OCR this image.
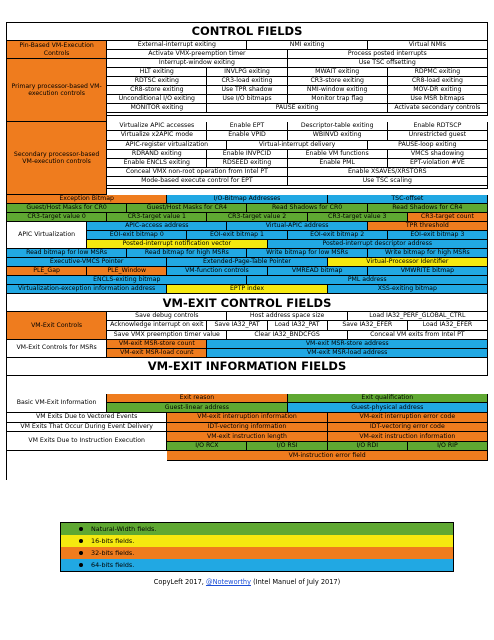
CONTROL FIELDS
Pin-Based VM-Execution Controls
External-interrupt exiting	NMI exiting	Virtual NMIs
Activate VMX-preemption timer	Process posted interrupts
Primary processor-based VM-execution controls
Interrupt-window exiting	Use TSC offsetting
HLT exiting	INVLPG exiting	MWAIT exiting	RDPMC exiting
RDTSC exiting	CR3-load exiting	CR3-store exiting	CR8-load exiting
CR8-store exiting	Use TPR shadow	NMI-window exiting	MOV-DR exiting
Unconditional I/O exiting	Use I/O bitmaps	Monitor trap flag	Use MSR bitmaps
MONITOR exiting	PAUSE exiting	Activate secondary controls
Secondary processor-based VM-execution controls
Virtualize APIC accesses	Enable EPT	Descriptor-table exiting	Enable RDTSCP
Virtualize x2APIC mode	Enable VPID	WBINVD exiting	Unrestricted guest
APIC-register virtualization	Virtual-interrupt delivery	PAUSE-loop exiting
RDRAND exiting	Enable INVPCID	Enable VM functions	VMCS shadowing
Enable ENCLS exiting	RDSEED exiting	Enable PML	EPT-violation #VE
Conceal VMX non-root operation from Intel PT	Enable XSAVES/XRSTORS
Mode-based execute control for EPT	Use TSC scaling
Exception Bitmap	I/O-Bitmap Addresses	TSC-offset
Guest/Host Masks for CR0	Guest/Host Masks for CR4	Read Shadows for CR0	Read Shadows for CR4
CR3-target value 0	CR3-target value 1	CR3-target value 2	CR3-target value 3	CR3-target count
APIC Virtualization
APIC-access address	Virtual-APIC address	TPR threshold
EOI-exit bitmap 0	EOI-exit bitmap 1	EOI-exit bitmap 2	EOI-exit bitmap 3
Posted-interrupt notification vector	Posted-interrupt descriptor address
Read bitmap for low MSRs	Read bitmap for high MSRs	Write bitmap for low MSRs	Write bitmap for high MSRs
Executive-VMCS Pointer	Extended-Page-Table Pointer	Virtual-Processor Identifier
PLE_Gap	PLE_Window	VM-function controls	VMREAD bitmap	VMWRITE bitmap
ENCLS-exiting bitmap	PML address
Virtualization-exception information address	EPTP index	XSS-exiting bitmap
VM-EXIT CONTROL FIELDS
VM-Exit Controls
Save debug controls	Host address space size	Load IA32_PERF_GLOBAL_CTRL
Acknowledge interrupt on exit	Save IA32_PAT	Load IA32_PAT	Save IA32_EFER	Load IA32_EFER
Save VMX preemption timer value	Clear IA32_BNDCFGS	Conceal VM exits from Intel PT
VM-Exit Controls for MSRs
VM-exit MSR-store count	VM-exit MSR-store address
VM-exit MSR-load count	VM-exit MSR-load address
VM-EXIT INFORMATION FIELDS
Basic VM-Exit Information
Exit reason	Exit qualification
Guest-linear address	Guest-physical address
VM Exits Due to Vectored Events	VM-exit interruption information	VM-exit interruption error code
VM Exits That Occur During Event Delivery	IDT-vectoring information	IDT-vectoring error code
VM Exits Due to Instruction Execution
VM-exit instruction length	VM-exit instruction information
I/O RCX	I/O RSI	I/O RDI	I/O RIP
VM-instruction error field
Natural-Width fields.
16-bits fields.
32-bits fields.
64-bits fields.
CopyLeft 2017, @Noteworthy (Intel Manuel of July 2017)
